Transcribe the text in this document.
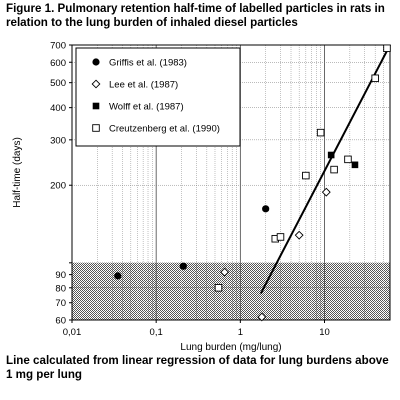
Figure 1. Pulmonary retention half-time of labelled particles in rats in relation to the lung burden of inhaled diesel particles
60
70
80
90
200
300
400
500
600
700
0,01	0,1	1	10
Griffis et al. (1983)
Lee et al. (1987)
Wolff et al. (1987)
Creutzenberg et al. (1990)
Lung burden (mg/lung)
Half-time (days)

Line calculated from linear regression of data for lung burdens above 1 mg per lung
